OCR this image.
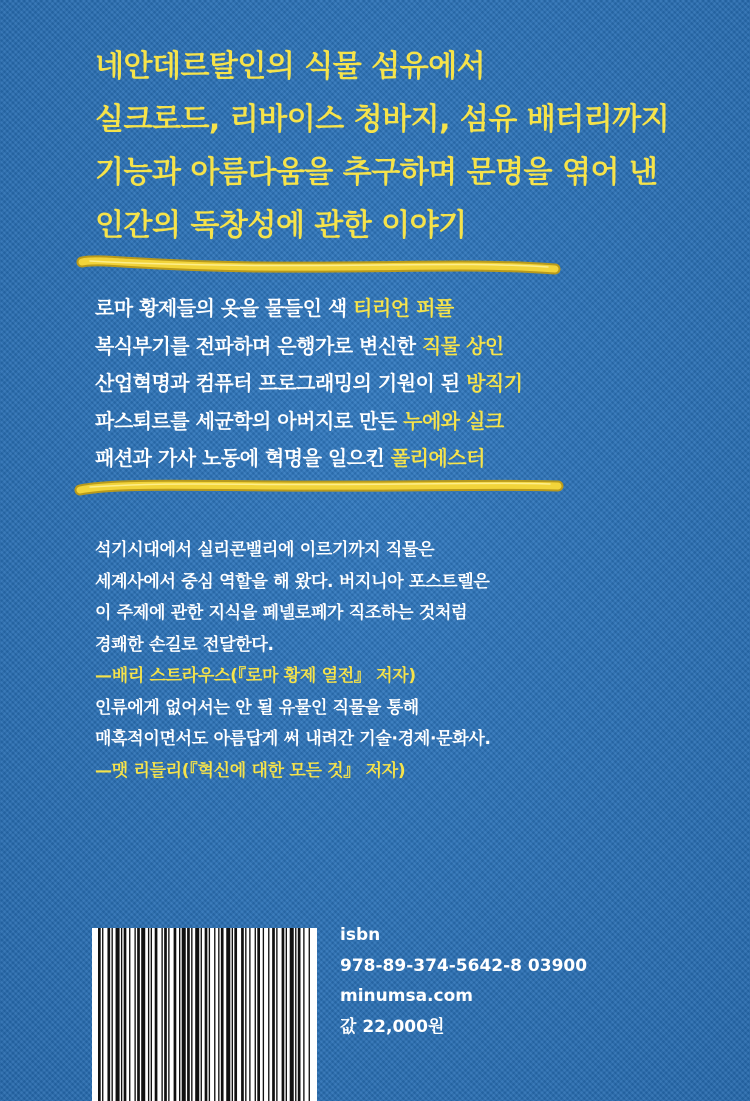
네안데르탈인의 식물 섬유에서
실크로드, 리바이스 청바지, 섬유 배터리까지
기능과 아름다움을 추구하며 문명을 엮어 낸
인간의 독창성에 관한 이야기
로마 황제들의 옷을 물들인 색 티리언 퍼플
복식부기를 전파하며 은행가로 변신한 직물 상인
산업혁명과 컴퓨터 프로그래밍의 기원이 된 방직기
파스퇴르를 세균학의 아버지로 만든 누에와 실크
패션과 가사 노동에 혁명을 일으킨 폴리에스터
석기시대에서 실리콘밸리에 이르기까지 직물은
세계사에서 중심 역할을 해 왔다. 버지니아 포스트렐은
이 주제에 관한 지식을 페넬로페가 직조하는 것처럼
경쾌한 손길로 전달한다.
—배리 스트라우스(『로마 황제 열전』 저자)
인류에게 없어서는 안 될 유물인 직물을 통해
매혹적이면서도 아름답게 써 내려간 기술·경제·문화사.
—맷 리들리(『혁신에 대한 모든 것』 저자)
isbn
978-89-374-5642-8 03900
minumsa.com
값 22,000원
